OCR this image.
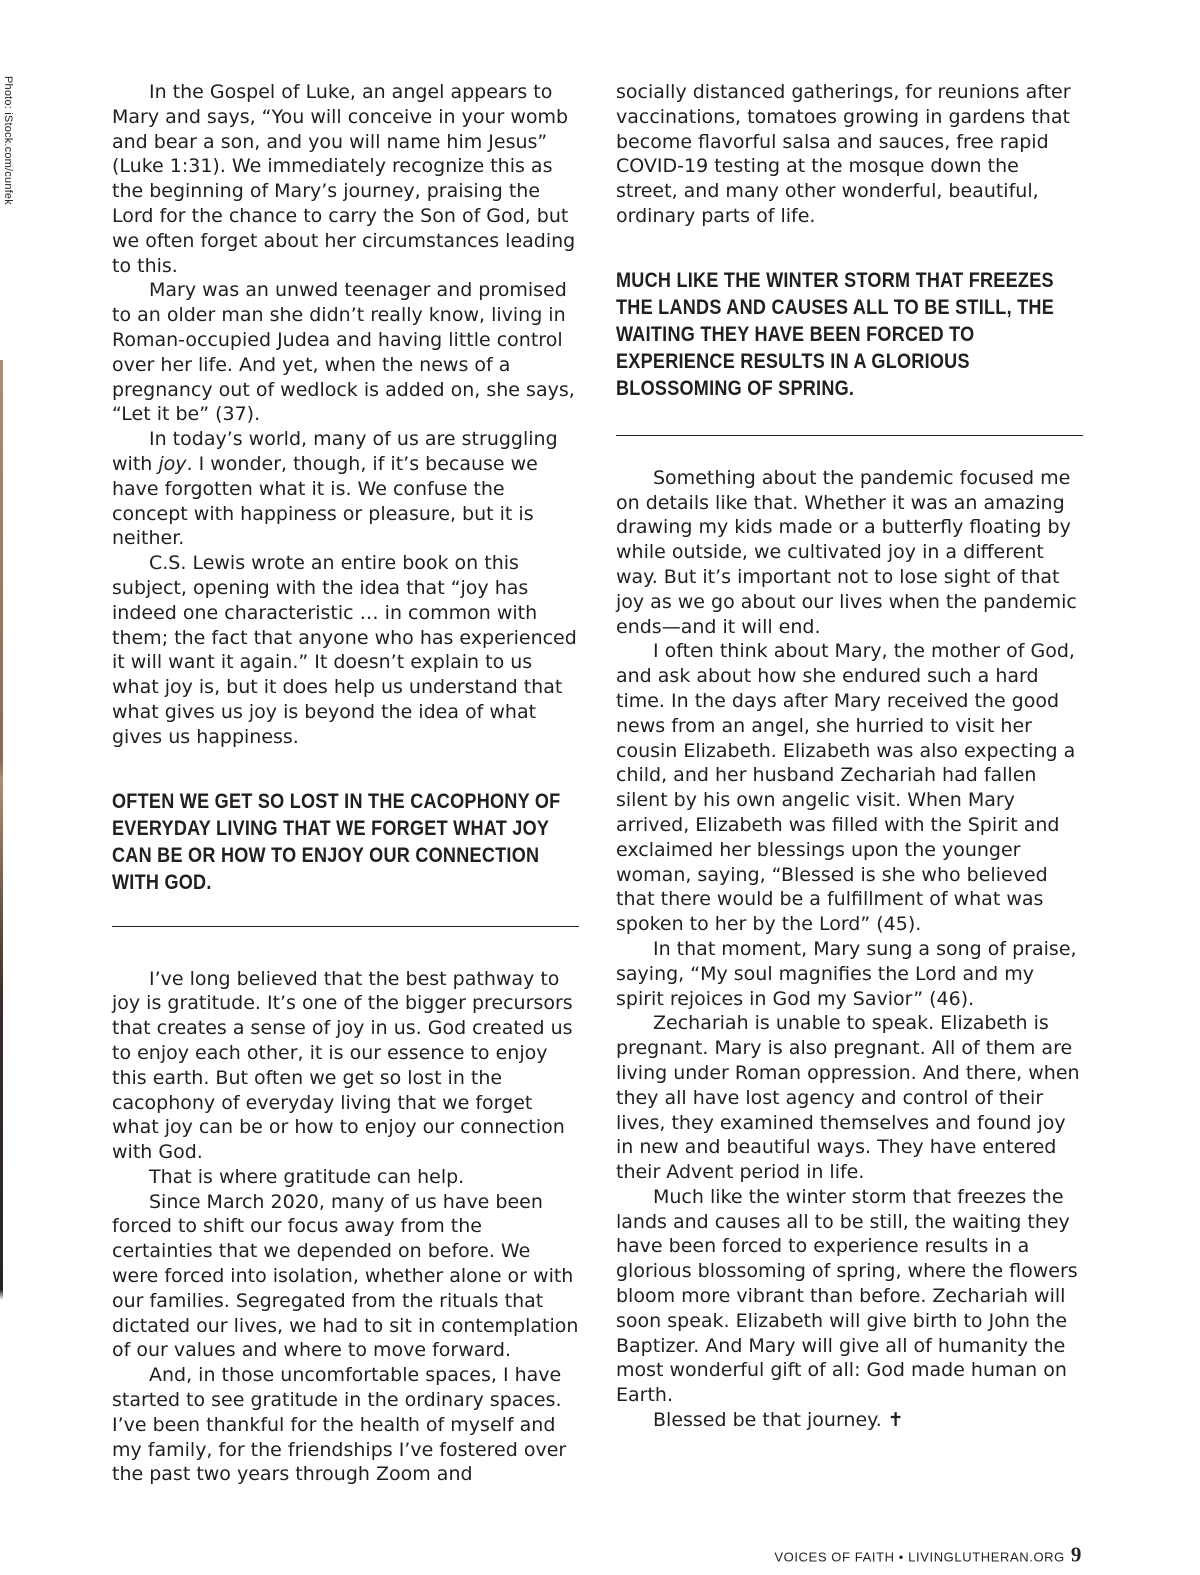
Photo: iStock.com/cunfek	In the Gospel of Luke, an angel appears to Mary and says, “You will conceive in your womb and bear a son, and you will name him Jesus” (Luke 1:31). We immediately recognize this as the beginning of Mary’s journey, praising the Lord for the chance to carry the Son of God, but we often forget about her circumstances leading to this.

Mary was an unwed teenager and promised to an older man she didn’t really know, living in Roman-occupied Judea and having little control over her life. And yet, when the news of a pregnancy out of wedlock is added on, she says, “Let it be” (37).

In today’s world, many of us are struggling with joy. I wonder, though, if it’s because we have forgotten what it is. We confuse the concept with happiness or pleasure, but it is neither.

C.S. Lewis wrote an entire book on this subject, opening with the idea that “joy has indeed one characteristic … in common with them; the fact that anyone who has experienced it will want it again.” It doesn’t explain to us what joy is, but it does help us understand that what gives us joy is beyond the idea of what gives us happiness.

OFTEN WE GET SO LOST IN THE CACOPHONY OF EVERYDAY LIVING THAT WE FORGET WHAT JOY CAN BE OR HOW TO ENJOY OUR CONNECTION WITH GOD.

I’ve long believed that the best pathway to joy is gratitude. It’s one of the bigger precursors that creates a sense of joy in us. God created us to enjoy each other, it is our essence to enjoy this earth. But often we get so lost in the cacophony of everyday living that we forget what joy can be or how to enjoy our connection with God.

That is where gratitude can help.

Since March 2020, many of us have been forced to shift our focus away from the certainties that we depended on before. We were forced into isolation, whether alone or with our families. Segregated from the rituals that dictated our lives, we had to sit in contemplation of our values and where to move forward.

And, in those uncomfortable spaces, I have started to see gratitude in the ordinary spaces. I’ve been thankful for the health of myself and my family, for the friendships I’ve fostered over the past two years through Zoom and

socially distanced gatherings, for reunions after vaccinations, tomatoes growing in gardens that become flavorful salsa and sauces, free rapid COVID-19 testing at the mosque down the street, and many other wonderful, beautiful, ordinary parts of life.

MUCH LIKE THE WINTER STORM THAT FREEZES THE LANDS AND CAUSES ALL TO BE STILL, THE WAITING THEY HAVE BEEN FORCED TO EXPERIENCE RESULTS IN A GLORIOUS BLOSSOMING OF SPRING.

Something about the pandemic focused me on details like that. Whether it was an amazing drawing my kids made or a butterfly floating by while outside, we cultivated joy in a different way. But it’s important not to lose sight of that joy as we go about our lives when the pandemic ends—and it will end.

I often think about Mary, the mother of God, and ask about how she endured such a hard time. In the days after Mary received the good news from an angel, she hurried to visit her cousin Elizabeth. Elizabeth was also expecting a child, and her husband Zechariah had fallen silent by his own angelic visit. When Mary arrived, Elizabeth was filled with the Spirit and exclaimed her blessings upon the younger woman, saying, “Blessed is she who believed that there would be a fulfillment of what was spoken to her by the Lord” (45).

In that moment, Mary sung a song of praise, saying, “My soul magnifies the Lord and my spirit rejoices in God my Savior” (46).

Zechariah is unable to speak. Elizabeth is pregnant. Mary is also pregnant. All of them are living under Roman oppression. And there, when they all have lost agency and control of their lives, they examined themselves and found joy in new and beautiful ways. They have entered their Advent period in life.

Much like the winter storm that freezes the lands and causes all to be still, the waiting they have been forced to experience results in a glorious blossoming of spring, where the flowers bloom more vibrant than before. Zechariah will soon speak. Elizabeth will give birth to John the Baptizer. And Mary will give all of humanity the most wonderful gift of all: God made human on Earth.

Blessed be that journey. ✝

VOICES OF FAITH • LIVINGLUTHERAN.ORG 9
